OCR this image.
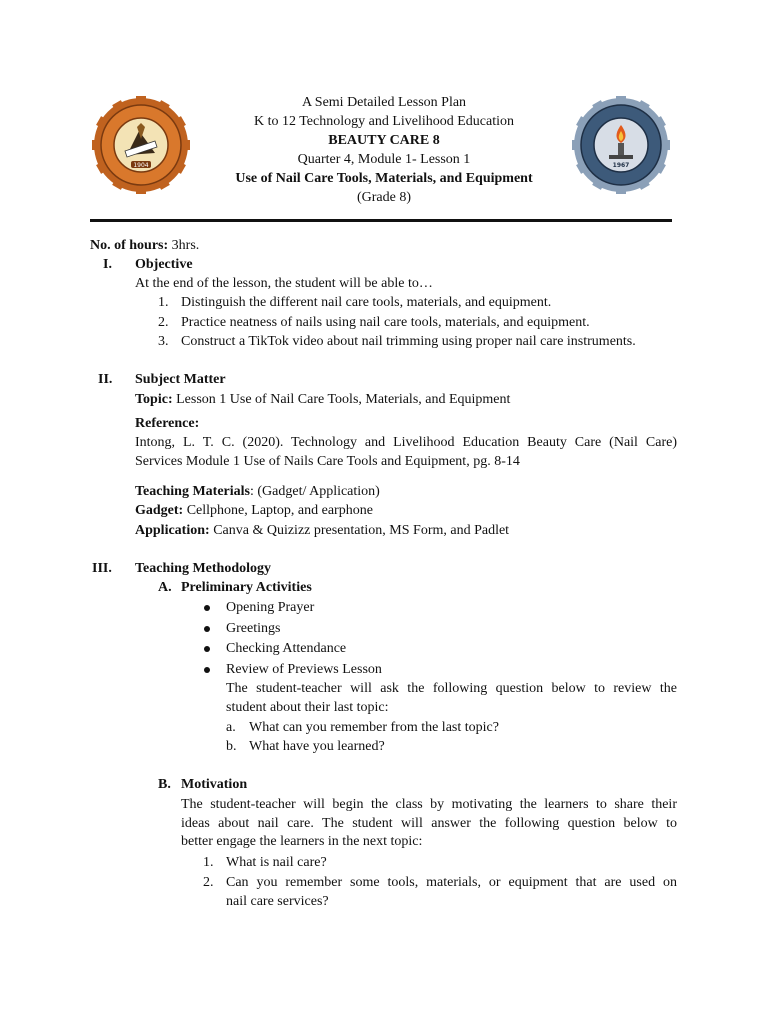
1904	1967
A Semi Detailed Lesson Plan
K to 12 Technology and Livelihood Education
BEAUTY CARE 8
Quarter 4, Module 1- Lesson 1
Use of Nail Care Tools, Materials, and Equipment
(Grade 8)
No. of hours: 3hrs.
I. Objective
At the end of the lesson, the student will be able to…
1. Distinguish the different nail care tools, materials, and equipment.
2. Practice neatness of nails using nail care tools, materials, and equipment.
3. Construct a TikTok video about nail trimming using proper nail care instruments.
II. Subject Matter
Topic: Lesson 1 Use of Nail Care Tools, Materials, and Equipment
Reference:
Intong, L. T. C. (2020). Technology and Livelihood Education Beauty Care (Nail Care)
Services Module 1 Use of Nails Care Tools and Equipment, pg. 8-14
Teaching Materials: (Gadget/ Application)
Gadget: Cellphone, Laptop, and earphone
Application: Canva & Quizizz presentation, MS Form, and Padlet
III. Teaching Methodology
A. Preliminary Activities
Opening Prayer
Greetings
Checking Attendance
Review of Previews Lesson
The student-teacher will ask the following question below to review the
student about their last topic:
a. What can you remember from the last topic?
b. What have you learned?
B. Motivation
The student-teacher will begin the class by motivating the learners to share their
ideas about nail care. The student will answer the following question below to
better engage the learners in the next topic:
1. What is nail care?
2. Can you remember some tools, materials, or equipment that are used on
nail care services?
